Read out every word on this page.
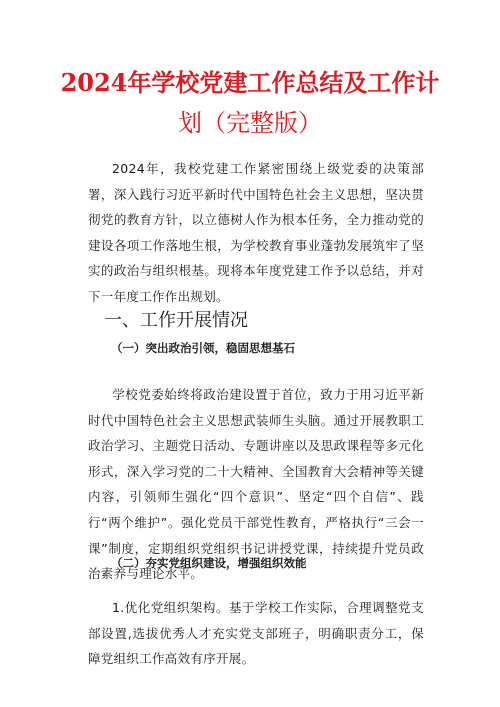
2024年学校党建工作总结及工作计
划（完整版）

2024年，我校党建工作紧密围绕上级党委的决策部署，深入践行习近平新时代中国特色社会主义思想，坚决贯彻党的教育方针，以立德树人作为根本任务，全力推动党的建设各项工作落地生根，为学校教育事业蓬勃发展筑牢了坚实的政治与组织根基。现将本年度党建工作予以总结，并对下一年度工作作出规划。

一、工作开展情况
（一）突出政治引领，稳固思想基石

学校党委始终将政治建设置于首位，致力于用习近平新时代中国特色社会主义思想武装师生头脑。通过开展教职工政治学习、主题党日活动、专题讲座以及思政课程等多元化形式，深入学习党的二十大精神、全国教育大会精神等关键内容，引领师生强化“四个意识”、坚定“四个自信”、践行“两个维护”。强化党员干部党性教育，严格执行“三会一课”制度，定期组织党组织书记讲授党课，持续提升党员政治素养与理论水平。

（二）夯实党组织建设，增强组织效能

1.优化党组织架构。基于学校工作实际，合理调整党支部设置,选拔优秀人才充实党支部班子，明确职责分工，保障党组织工作高效有序开展。
